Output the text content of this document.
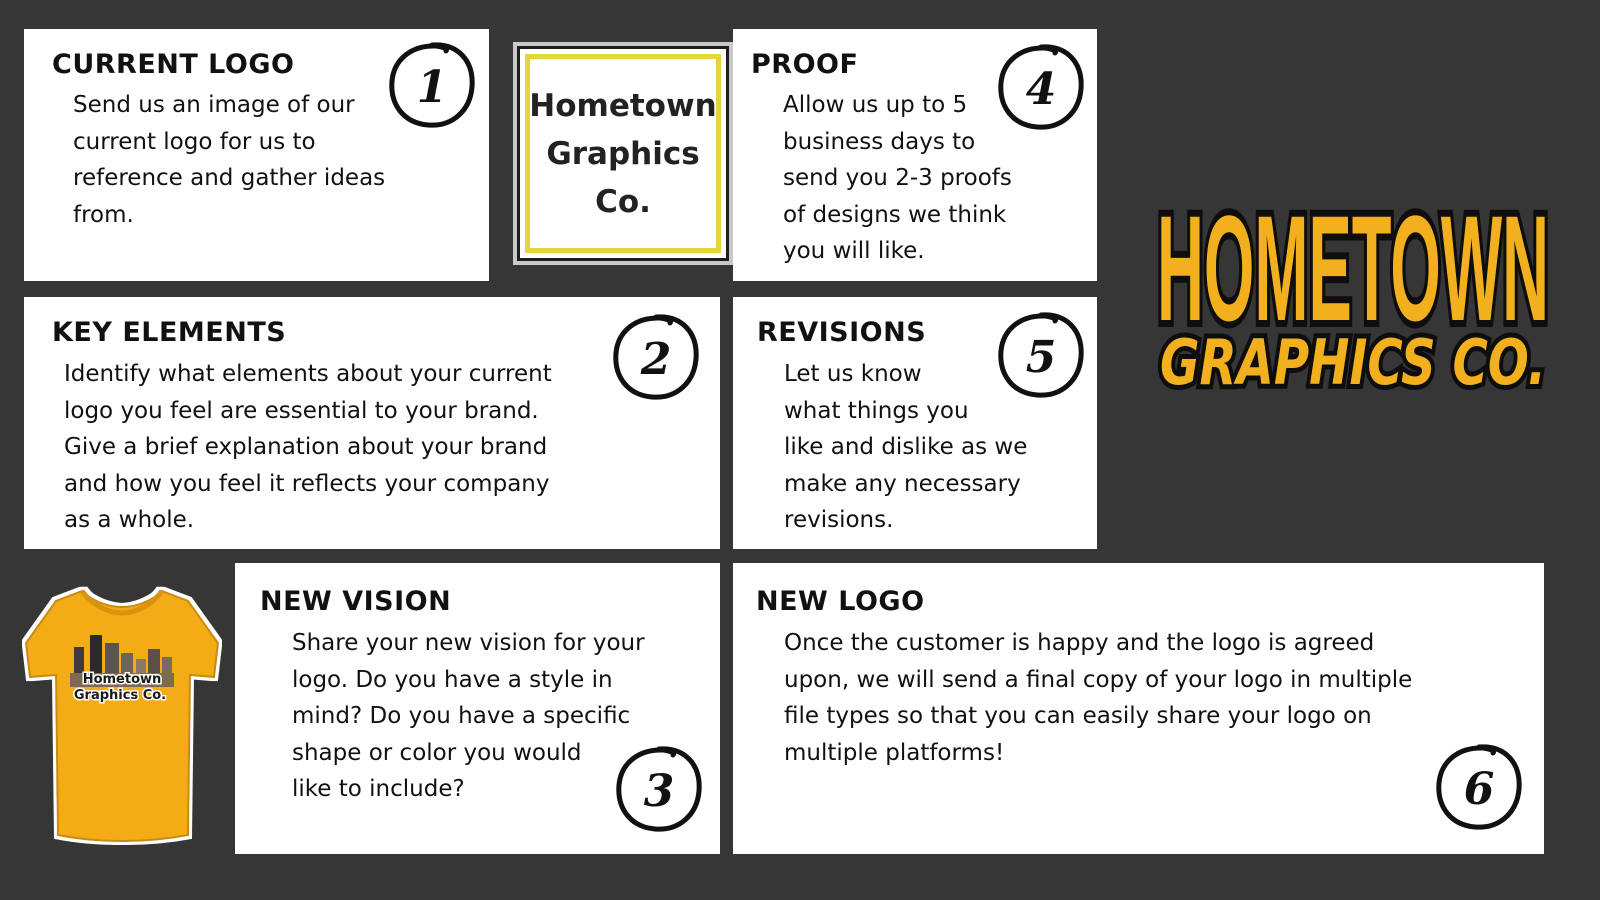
CURRENT LOGO
Send us an image of our
current logo for us to
reference and gather ideas
from.
1
KEY ELEMENTS
Identify what elements about your current
logo you feel are essential to your brand.
Give a brief explanation about your brand
and how you feel it reflects your company
as a whole.
2
NEW VISION
Share your new vision for your
logo. Do you have a style in
mind? Do you have a specific
shape or color you would
like to include?	3
PROOF
Allow us up to 5
business days to
send you 2-3 proofs
of designs we think
you will like.
4
REVISIONS
Let us know
what things you
like and dislike as we
make any necessary
revisions.
5
NEW LOGO
Once the customer is happy and the logo is agreed
upon, we will send a final copy of your logo in multiple
file types so that you can easily share your logo on
multiple platforms!
6
Hometown
Graphics
Co.	HOMETOWN
GRAPHICS CO.
Hometown
Graphics Co.
